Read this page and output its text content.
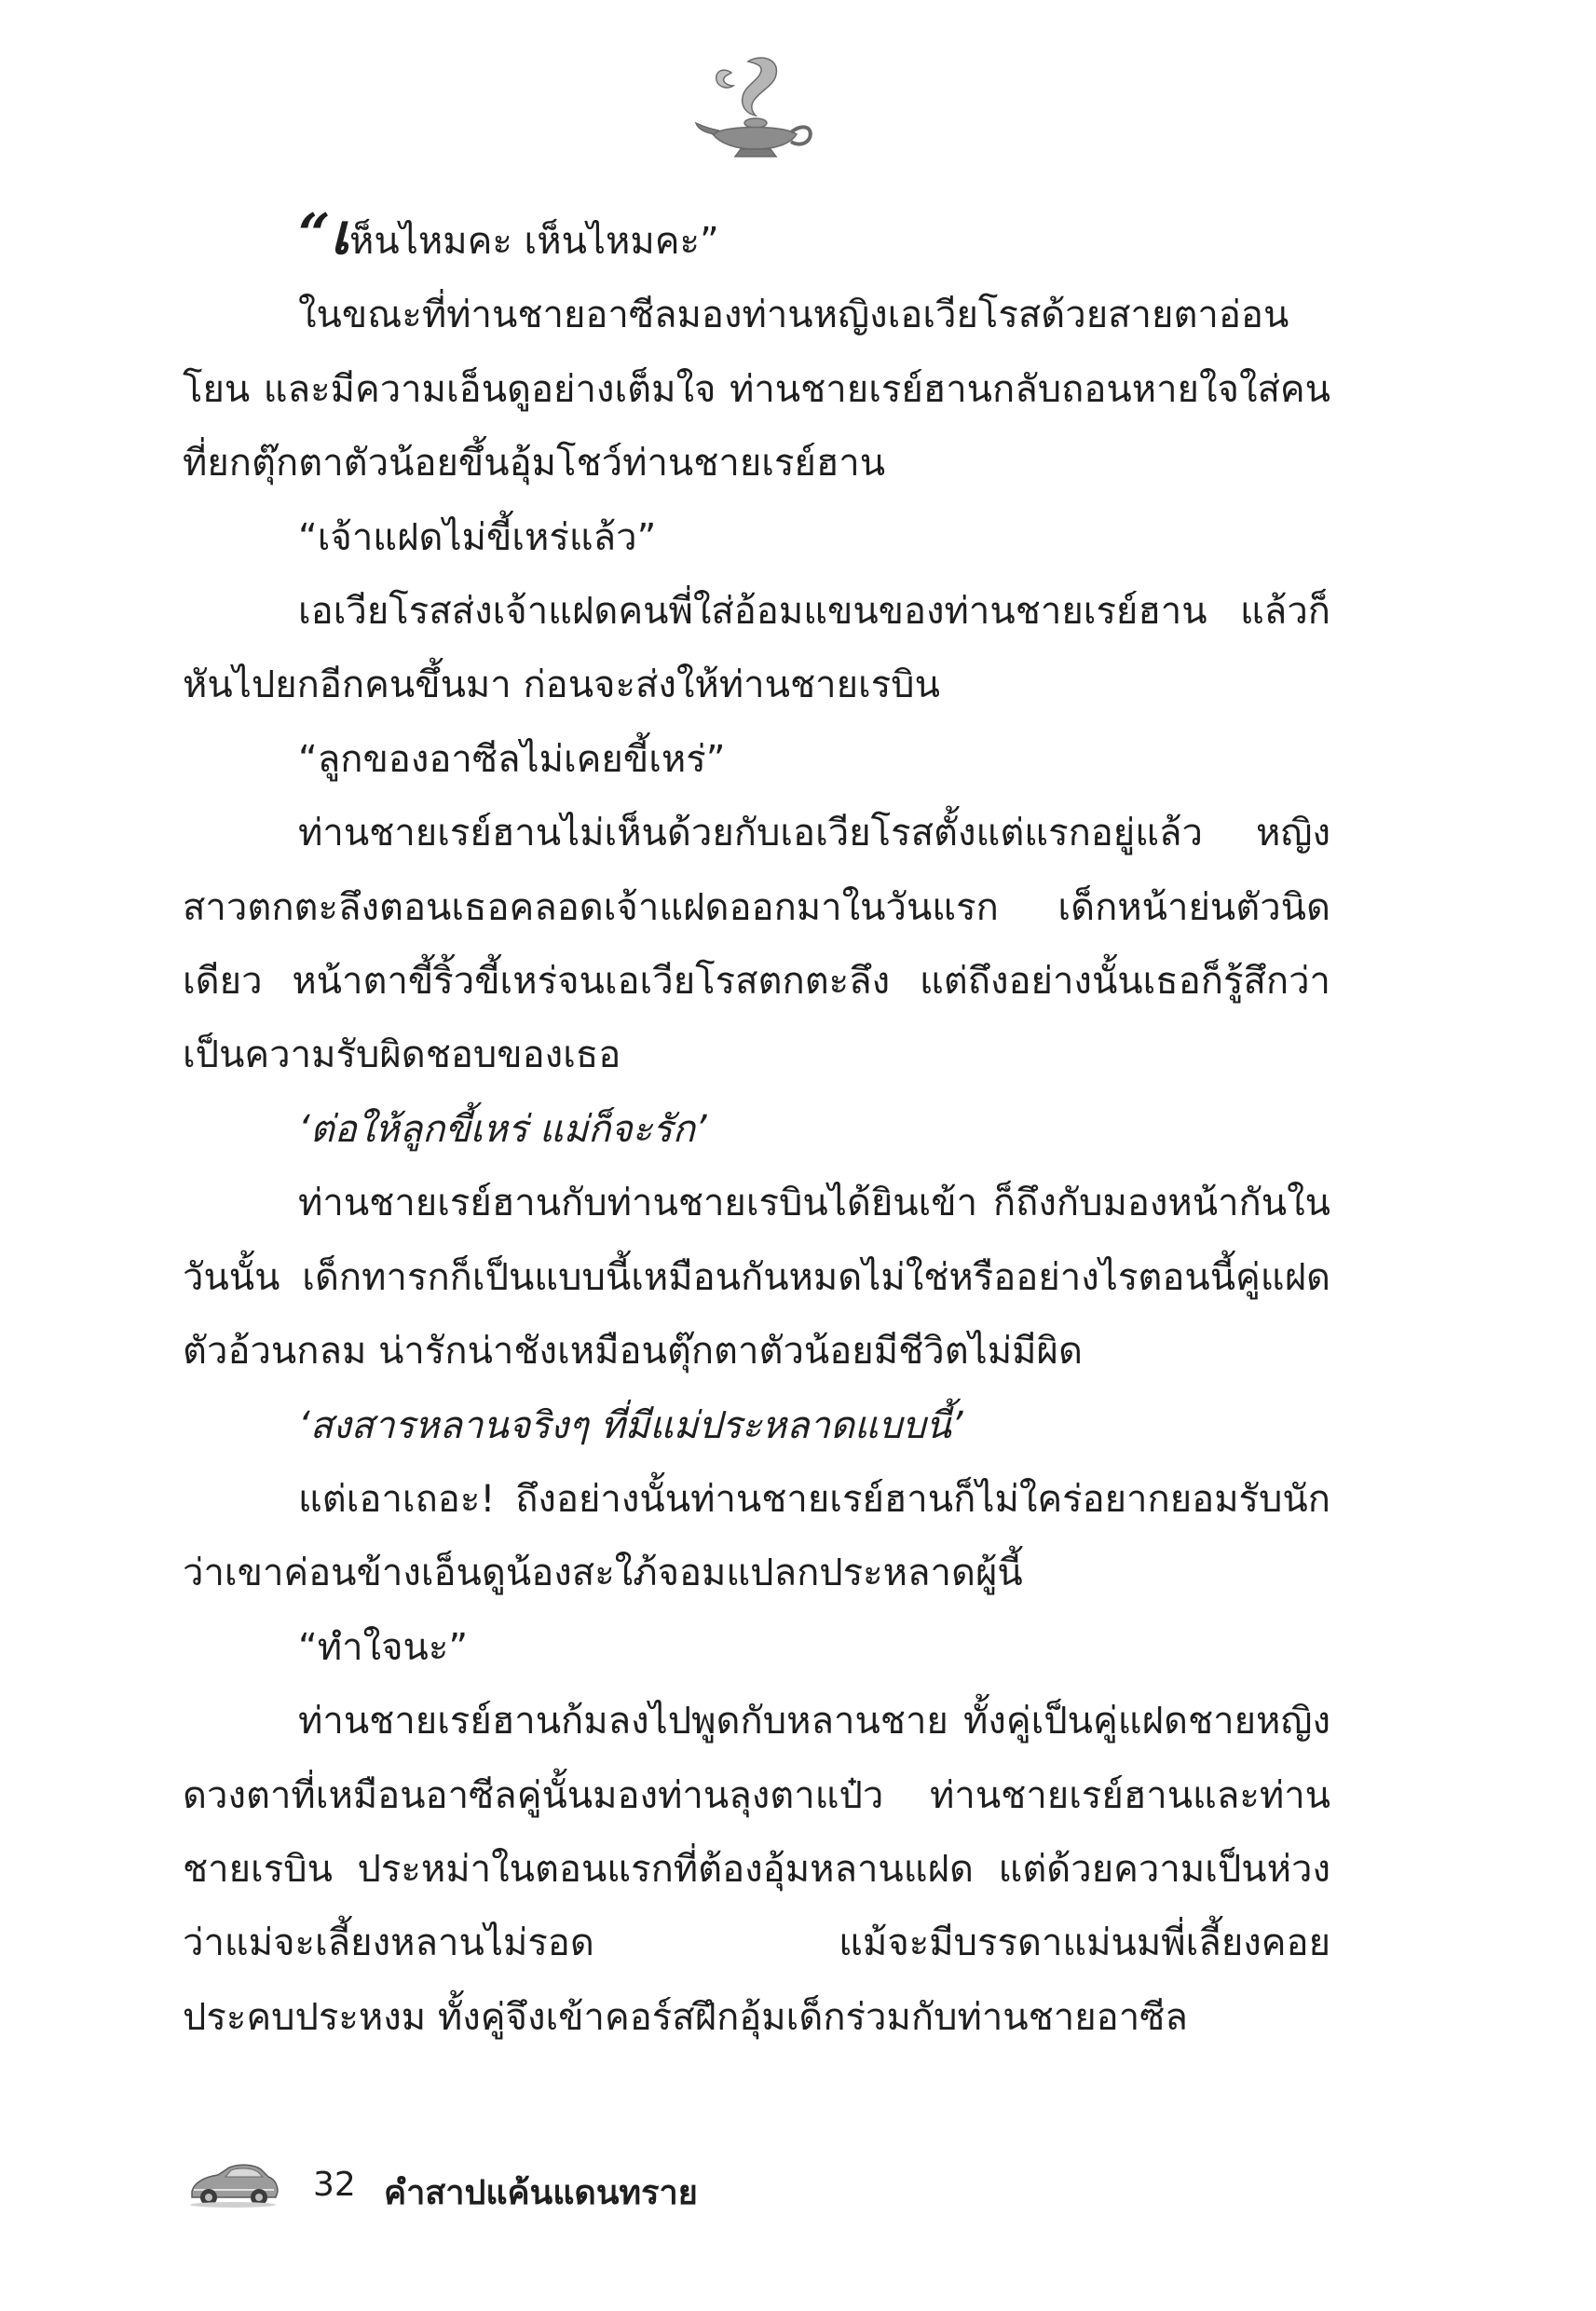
“เห็นไหมคะ เห็นไหมคะ”

ในขณะที่ท่านชายอาซีลมองท่านหญิงเอเวียโรสด้วยสายตาอ่อนโยน และมีความเอ็นดูอย่างเต็มใจ ท่านชายเรย์ฮานกลับถอนหายใจใส่คนที่ยกตุ๊กตาตัวน้อยขึ้นอุ้มโชว์ท่านชายเรย์ฮาน

“เจ้าแฝดไม่ขี้เหร่แล้ว”

เอเวียโรสส่งเจ้าแฝดคนพี่ใส่อ้อมแขนของท่านชายเรย์ฮาน แล้วก็หันไปยกอีกคนขึ้นมา ก่อนจะส่งให้ท่านชายเรบิน

“ลูกของอาซีลไม่เคยขี้เหร่”

ท่านชายเรย์ฮานไม่เห็นด้วยกับเอเวียโรสตั้งแต่แรกอยู่แล้ว หญิงสาวตกตะลึงตอนเธอคลอดเจ้าแฝดออกมาในวันแรก เด็กหน้าย่นตัวนิดเดียว หน้าตาขี้ริ้วขี้เหร่จนเอเวียโรสตกตะลึง แต่ถึงอย่างนั้นเธอก็รู้สึกว่าเป็นความรับผิดชอบของเธอ

‘ต่อให้ลูกขี้เหร่ แม่ก็จะรัก’

ท่านชายเรย์ฮานกับท่านชายเรบินได้ยินเข้า ก็ถึงกับมองหน้ากันในวันนั้น เด็กทารกก็เป็นแบบนี้เหมือนกันหมดไม่ใช่หรืออย่างไรตอนนี้คู่แฝดตัวอ้วนกลม น่ารักน่าชังเหมือนตุ๊กตาตัวน้อยมีชีวิตไม่มีผิด

‘สงสารหลานจริงๆ ที่มีแม่ประหลาดแบบนี้’

แต่เอาเถอะ! ถึงอย่างนั้นท่านชายเรย์ฮานก็ไม่ใคร่อยากยอมรับนักว่าเขาค่อนข้างเอ็นดูน้องสะใภ้จอมแปลกประหลาดผู้นี้

“ทำใจนะ”

ท่านชายเรย์ฮานก้มลงไปพูดกับหลานชาย ทั้งคู่เป็นคู่แฝดชายหญิง ดวงตาที่เหมือนอาซีลคู่นั้นมองท่านลุงตาแป๋ว ท่านชายเรย์ฮานและท่านชายเรบิน ประหม่าในตอนแรกที่ต้องอุ้มหลานแฝด แต่ด้วยความเป็นห่วงว่าแม่จะเลี้ยงหลานไม่รอด แม้จะมีบรรดาแม่นมพี่เลี้ยงคอยประคบประหงม ทั้งคู่จึงเข้าคอร์สฝึกอุ้มเด็กร่วมกับท่านชายอาซีล

32 คำสาปแค้นแดนทราย
